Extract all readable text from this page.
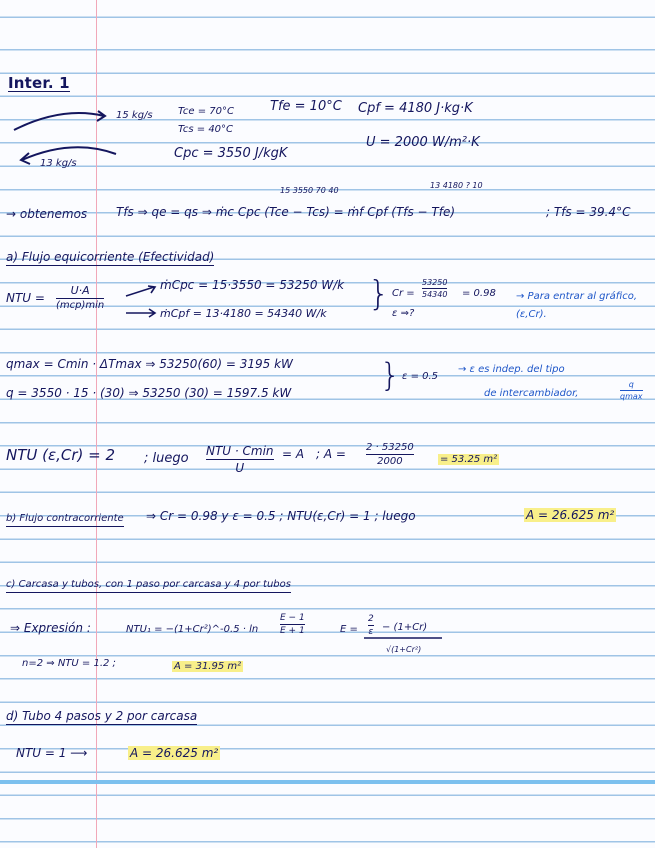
Inter. 1
15 kg/s
13 kg/s
Tce = 70°C
Tcs = 40°C
Cpc = 3550 J/kgK
Tfe = 10°C Cpf = 4180 J·kg·K
U = 2000 W/m²·K
15 3550 70 40
13 4180 ? 10
→ obtenemos Tfs ⇒ qe = qs ⇒ ṁc Cpc (Tce − Tcs) = ṁf Cpf (Tfs − Tfe)	; Tfs = 39.4°C
a) Flujo equicorriente (Efectividad)
NTU =
U·A
(mcp)min
ṁCpc = 15·3550 = 53250 W/k
ṁCpf = 13·4180 = 54340 W/k } Cr =
53250
54340 = 0.98
ε ⇒?
→ Para entrar al gráfico, (ε,Cr).
qmax = Cmin · ΔTmax ⇒ 53250(60) = 3195 kW
q = 3550 · 15 · (30) ⇒ 53250 (30) = 1597.5 kW	} ε = 0.5
→ ε es indep. del tipo
de intercambiador,
q
qmax
NTU (ε,Cr) = 2 ; luego NTU · Cmin
U
= A ; A = 2 · 53250
2000	= 53.25 m²
b) Flujo contracorriente ⇒ Cr = 0.98 y ε = 0.5 ; NTU(ε,Cr) = 1 ; luego	A = 26.625 m²
c) Carcasa y tubos, con 1 paso por carcasa y 4 por tubos
⇒ Expresión :	NTU₁ = −(1+Cr²)^-0.5 · ln
E − 1
E + 1	E =
2
ε − (1+Cr)
√(1+Cr²)
n=2 ⇒ NTU = 1.2 ;	A = 31.95 m²
d) Tubo 4 pasos y 2 por carcasa
NTU = 1 ⟶	A = 26.625 m²
